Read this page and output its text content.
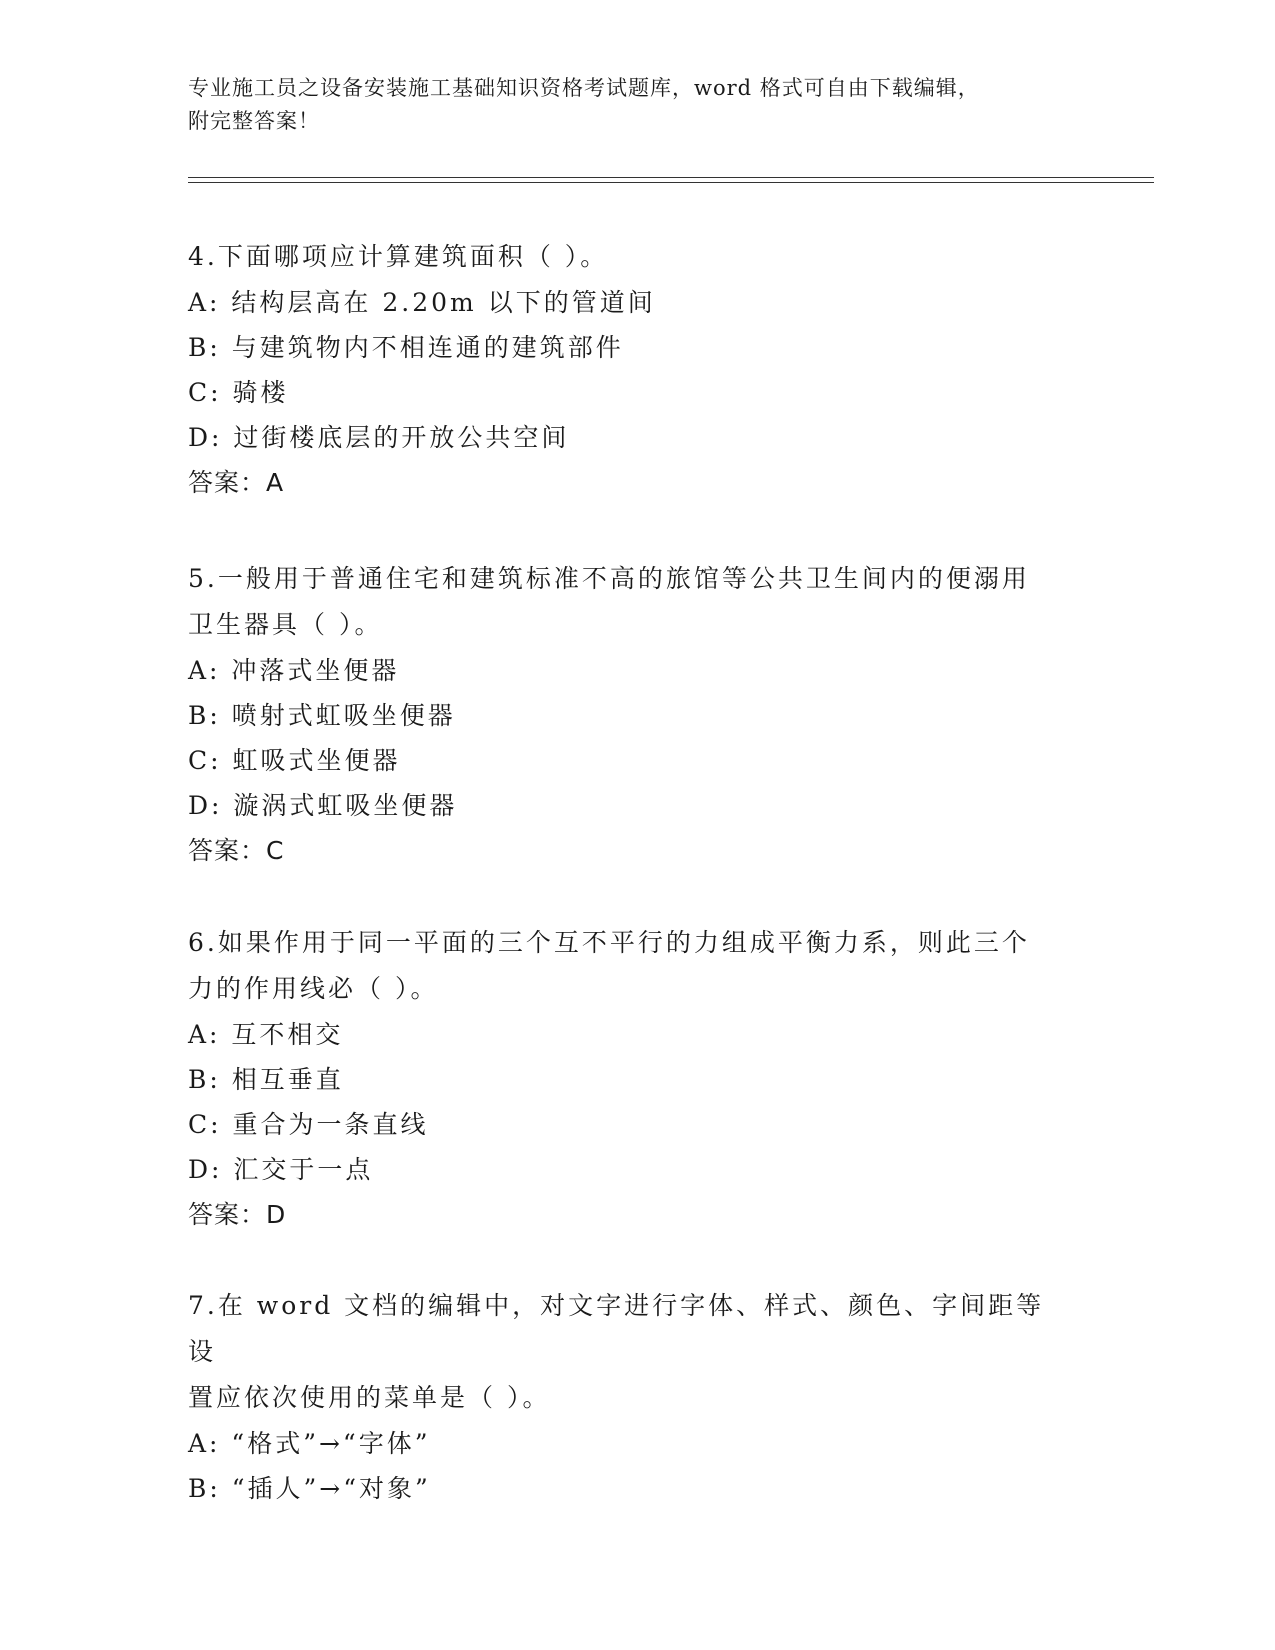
专业施工员之设备安装施工基础知识资格考试题库，word 格式可自由下载编辑，
附完整答案！
4.下面哪项应计算建筑面积（ ）。
A: 结构层高在 2.20m 以下的管道间
B: 与建筑物内不相连通的建筑部件
C: 骑楼
D: 过街楼底层的开放公共空间
答案：A
5.一般用于普通住宅和建筑标准不高的旅馆等公共卫生间内的便溺用
卫生器具（ ）。
A: 冲落式坐便器
B: 喷射式虹吸坐便器
C: 虹吸式坐便器
D: 漩涡式虹吸坐便器
答案：C
6.如果作用于同一平面的三个互不平行的力组成平衡力系，则此三个
力的作用线必（ ）。
A: 互不相交
B: 相互垂直
C: 重合为一条直线
D: 汇交于一点
答案：D
7.在 word 文档的编辑中，对文字进行字体、样式、颜色、字间距等设
置应依次使用的菜单是（ ）。
A: “格式”→“字体”
B: “插人”→“对象”
